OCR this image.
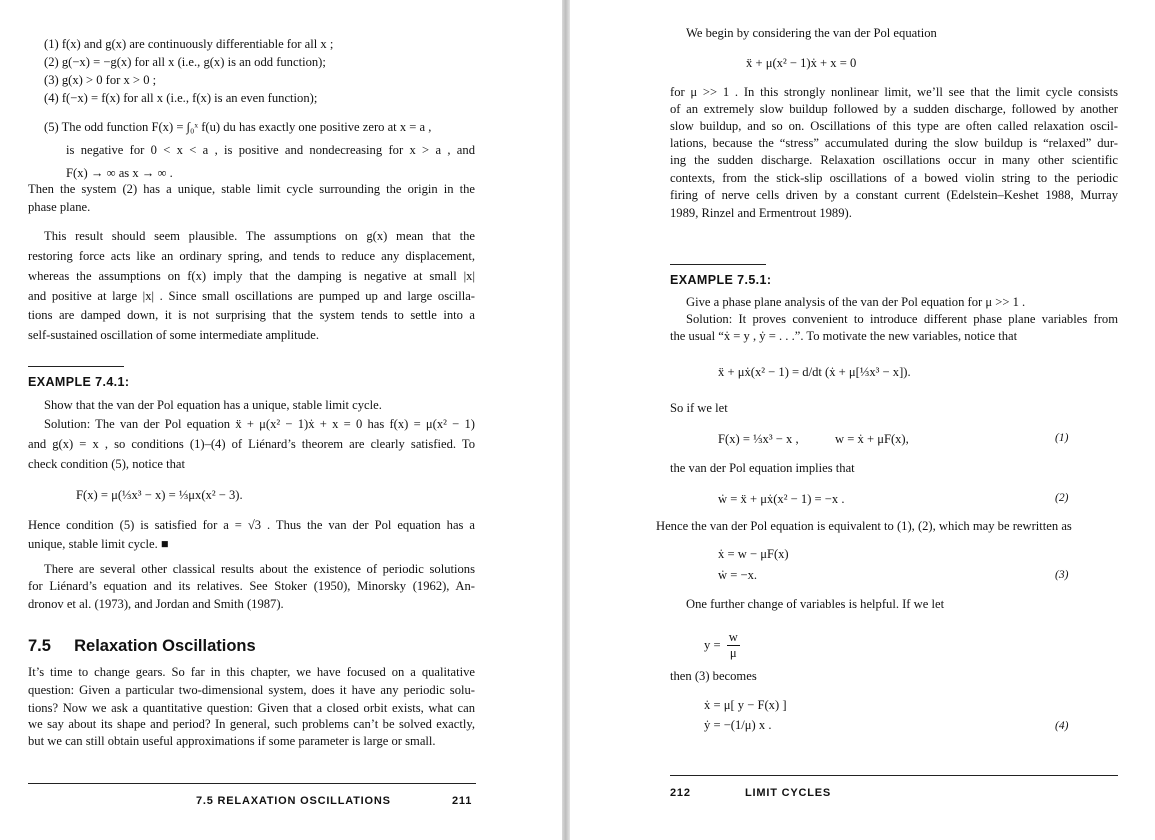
(1) f(x) and g(x) are continuously differentiable for all x ;
(2) g(−x) = −g(x) for all x (i.e., g(x) is an odd function);
(3) g(x) > 0 for x > 0 ;
(4) f(−x) = f(x) for all x (i.e., f(x) is an even function);
(5) The odd function F(x) = ∫₀ˣ f(u) du has exactly one positive zero at x = a ,
is negative for 0 < x < a , is positive and nondecreasing for x > a , and
F(x) → ∞ as x → ∞ .
Then the system (2) has a unique, stable limit cycle surrounding the origin in the
phase plane.
This result should seem plausible. The assumptions on g(x) mean that the
restoring force acts like an ordinary spring, and tends to reduce any displacement,
whereas the assumptions on f(x) imply that the damping is negative at small |x|
and positive at large |x| . Since small oscillations are pumped up and large oscilla-
tions are damped down, it is not surprising that the system tends to settle into a
self-sustained oscillation of some intermediate amplitude.
EXAMPLE 7.4.1:
Show that the van der Pol equation has a unique, stable limit cycle.
Solution: The van der Pol equation ẍ + μ(x² − 1)ẋ + x = 0 has f(x) = μ(x² − 1)
and g(x) = x , so conditions (1)–(4) of Liénard’s theorem are clearly satisfied. To
check condition (5), notice that
F(x) = μ(⅓x³ − x) = ⅓μx(x² − 3).
Hence condition (5) is satisfied for a = √3 . Thus the van der Pol equation has a
unique, stable limit cycle. ■
There are several other classical results about the existence of periodic solutions
for Liénard’s equation and its relatives. See Stoker (1950), Minorsky (1962), An-
dronov et al. (1973), and Jordan and Smith (1987).
7.5 Relaxation Oscillations
It’s time to change gears. So far in this chapter, we have focused on a qualitative
question: Given a particular two-dimensional system, does it have any periodic solu-
tions? Now we ask a quantitative question: Given that a closed orbit exists, what can
we say about its shape and period? In general, such problems can’t be solved exactly,
but we can still obtain useful approximations if some parameter is large or small.
7.5 RELAXATION OSCILLATIONS	211
We begin by considering the van der Pol equation
ẍ + μ(x² − 1)ẋ + x = 0
for μ >> 1 . In this strongly nonlinear limit, we’ll see that the limit cycle consists
of an extremely slow buildup followed by a sudden discharge, followed by another
slow buildup, and so on. Oscillations of this type are often called relaxation oscil-
lations, because the “stress” accumulated during the slow buildup is “relaxed” dur-
ing the sudden discharge. Relaxation oscillations occur in many other scientific
contexts, from the stick-slip oscillations of a bowed violin string to the periodic
firing of nerve cells driven by a constant current (Edelstein–Keshet 1988, Murray
1989, Rinzel and Ermentrout 1989).
EXAMPLE 7.5.1:
Give a phase plane analysis of the van der Pol equation for μ >> 1 .
Solution: It proves convenient to introduce different phase plane variables from
the usual “ẋ = y , ẏ = . . .”. To motivate the new variables, notice that
ẍ + μẋ(x² − 1) = d/dt (ẋ + μ[⅓x³ − x]).
So if we let
F(x) = ⅓x³ − x ,	w = ẋ + μF(x),	(1)
the van der Pol equation implies that
ẇ = ẍ + μẋ(x² − 1) = −x .	(2)
Hence the van der Pol equation is equivalent to (1), (2), which may be rewritten as
ẋ = w − μF(x)
ẇ = −x.	(3)
One further change of variables is helpful. If we let
$y = \frac{w}{\mu}$
then (3) becomes
ẋ = μ[ y − F(x) ]
ẏ = −(1/μ) x .	(4)
212	LIMIT CYCLES
